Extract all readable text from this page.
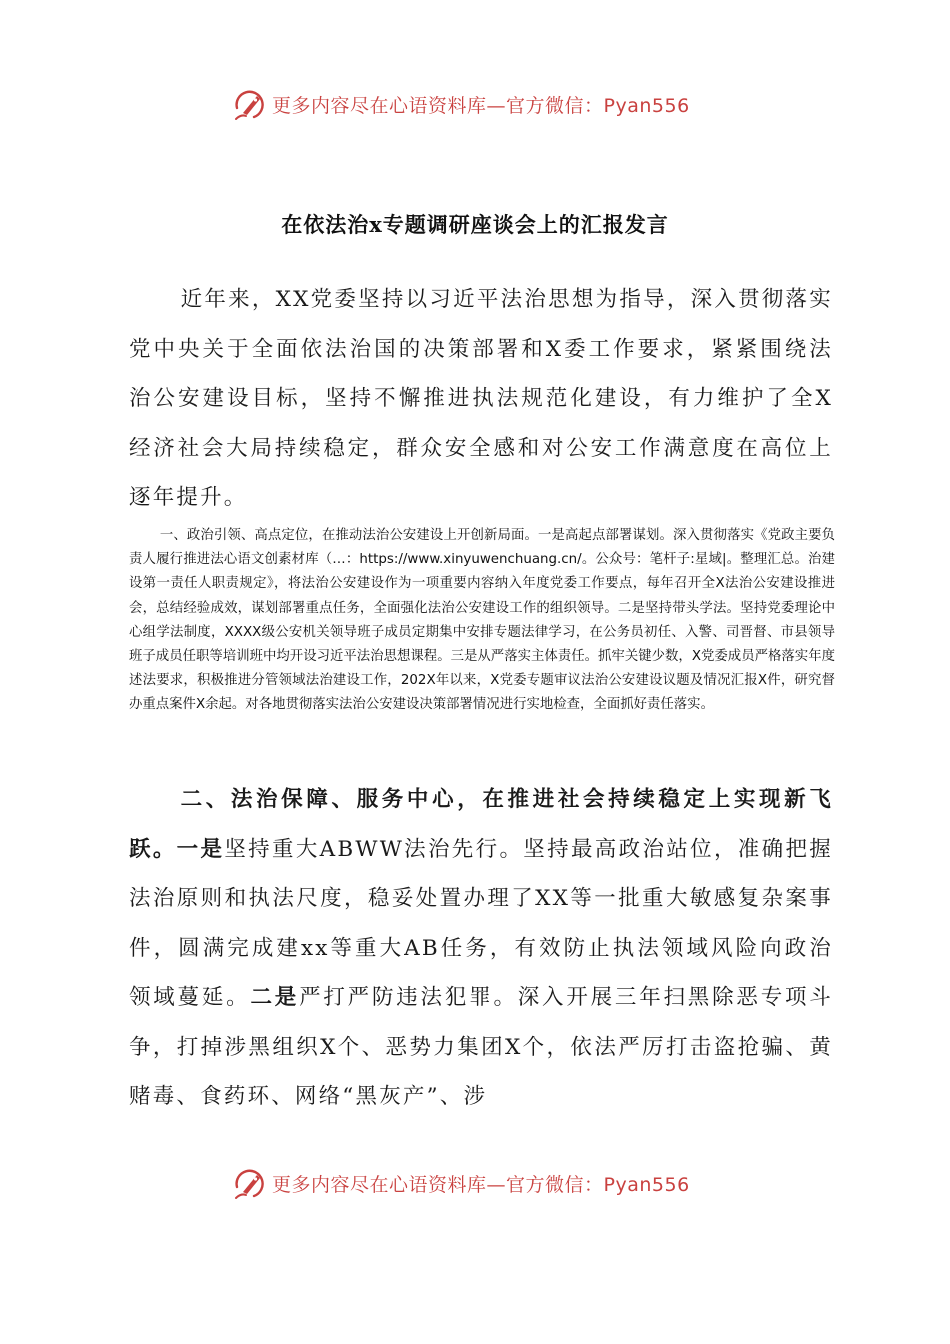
更多内容尽在心语资料库—官方微信：Pyan556
在依法治x专题调研座谈会上的汇报发言

近年来，XX党委坚持以习近平法治思想为指导，深入贯彻落实党中央关于全面依法治国的决策部署和X委工作要求，紧紧围绕法治公安建设目标，坚持不懈推进执法规范化建设，有力维护了全X经济社会大局持续稳定，群众安全感和对公安工作满意度在高位上逐年提升。

一、政治引领、高点定位，在推动法治公安建设上开创新局面。一是高起点部署谋划。深入贯彻落实《党政主要负责人履行推进法心语文创素材库（…：https://www.xinyuwenchuang.cn/。公众号：笔杆子:星域|。整理汇总。治建设第一责任人职责规定》，将法治公安建设作为一项重要内容纳入年度党委工作要点，每年召开全X法治公安建设推进会，总结经验成效，谋划部署重点任务，全面强化法治公安建设工作的组织领导。二是坚持带头学法。坚持党委理论中心组学法制度，XXXX级公安机关领导班子成员定期集中安排专题法律学习，在公务员初任、入警、司晋督、市县领导班子成员任职等培训班中均开设习近平法治思想课程。三是从严落实主体责任。抓牢关键少数，X党委成员严格落实年度述法要求，积极推进分管领域法治建设工作，202X年以来，X党委专题审议法治公安建设议题及情况汇报X件，研究督办重点案件X余起。对各地贯彻落实法治公安建设决策部署情况进行实地检查，全面抓好责任落实。

二、法治保障、服务中心，在推进社会持续稳定上实现新飞跃。一是坚持重大ABWW法治先行。坚持最高政治站位，准确把握法治原则和执法尺度，稳妥处置办理了XX等一批重大敏感复杂案事件，圆满完成建xx等重大AB任务，有效防止执法领域风险向政治领域蔓延。二是严打严防违法犯罪。深入开展三年扫黑除恶专项斗争，打掉涉黑组织X个、恶势力集团X个，依法严厉打击盗抢骗、黄赌毒、食药环、网络“黑灰产”、涉

更多内容尽在心语资料库—官方微信：Pyan556
